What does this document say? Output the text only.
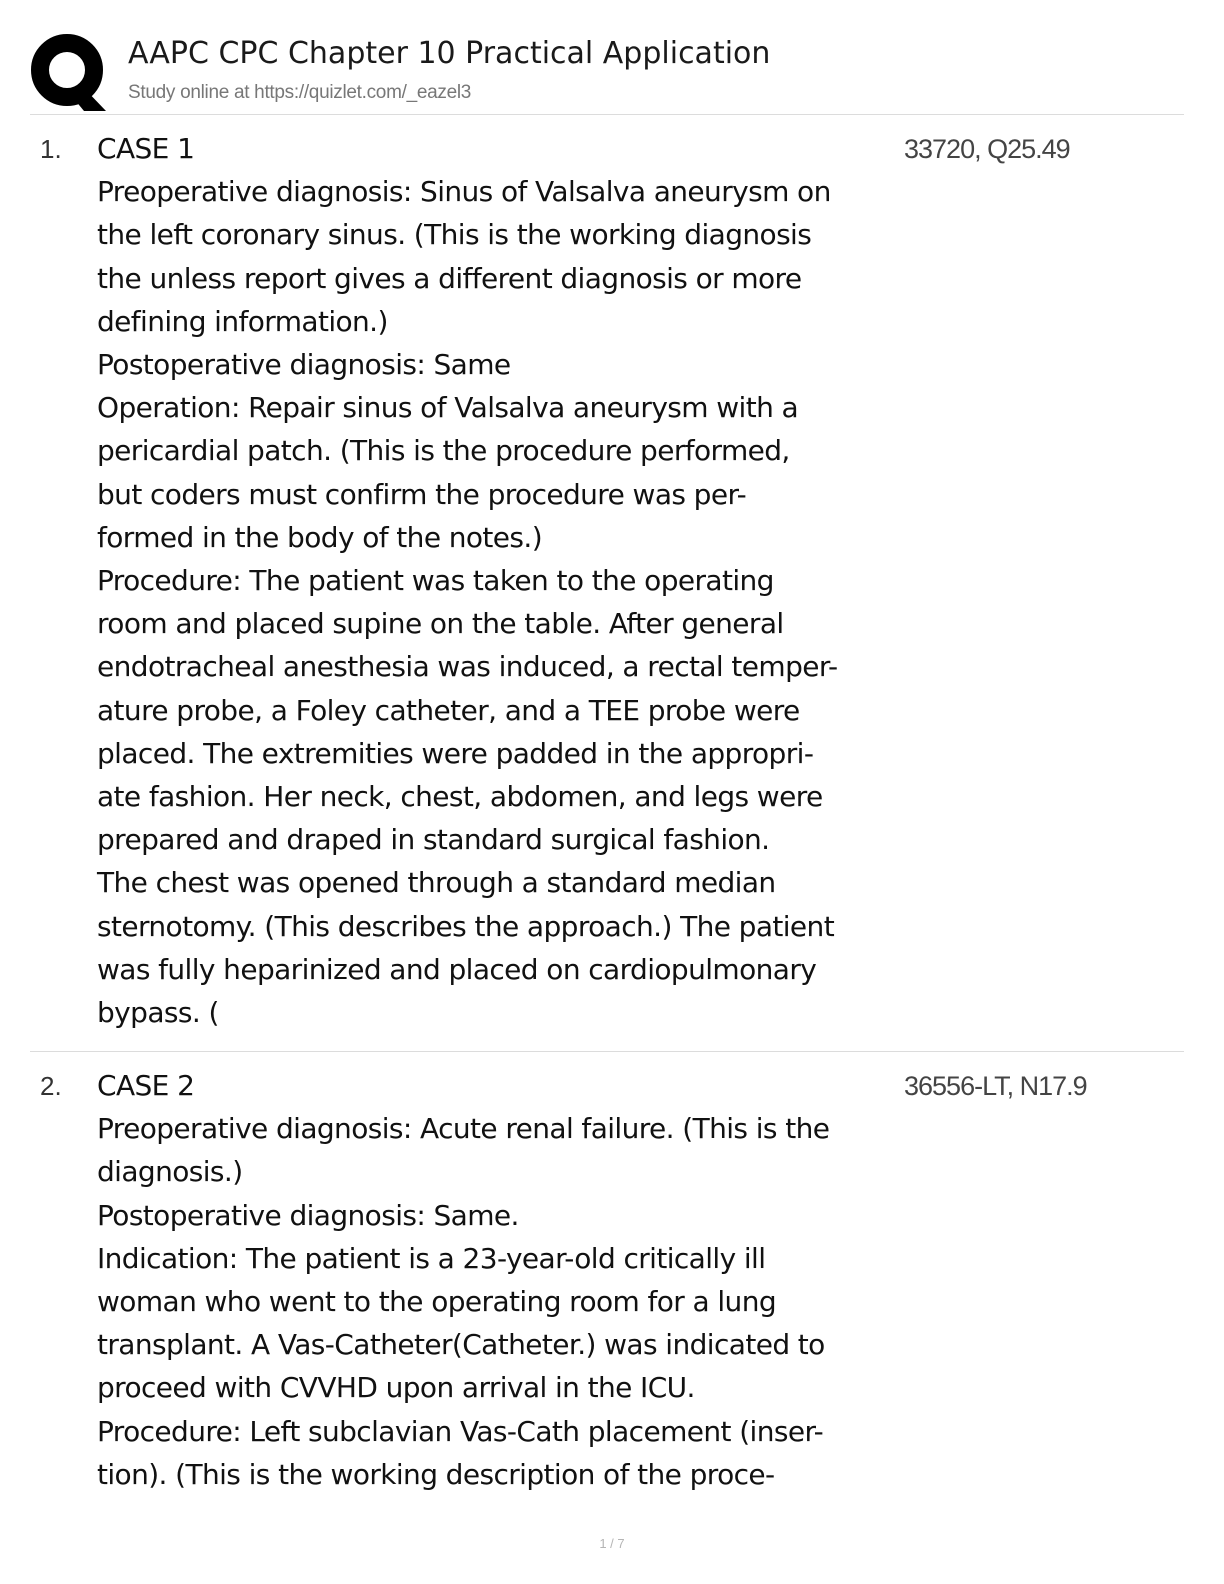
AAPC CPC Chapter 10 Practical Application
Study online at https://quizlet.com/_eazel3
1. CASE 1
Preoperative diagnosis: Sinus of Valsalva aneurysm on
the left coronary sinus. (This is the working diagnosis
the unless report gives a different diagnosis or more
defining information.)
Postoperative diagnosis: Same
Operation: Repair sinus of Valsalva aneurysm with a
pericardial patch. (This is the procedure performed,
but coders must confirm the procedure was per-
formed in the body of the notes.)
Procedure: The patient was taken to the operating
room and placed supine on the table. After general
endotracheal anesthesia was induced, a rectal temper-
ature probe, a Foley catheter, and a TEE probe were
placed. The extremities were padded in the appropri-
ate fashion. Her neck, chest, abdomen, and legs were
prepared and draped in standard surgical fashion.
The chest was opened through a standard median
sternotomy. (This describes the approach.) The patient
was fully heparinized and placed on cardiopulmonary
bypass. (
33720, Q25.49
2. CASE 2
Preoperative diagnosis: Acute renal failure. (This is the
diagnosis.)
Postoperative diagnosis: Same.
Indication: The patient is a 23-year-old critically ill
woman who went to the operating room for a lung
transplant. A Vas-Catheter(Catheter.) was indicated to
proceed with CVVHD upon arrival in the ICU.
Procedure: Left subclavian Vas-Cath placement (inser-
tion). (This is the working description of the proce-
36556-LT, N17.9
1 / 7
